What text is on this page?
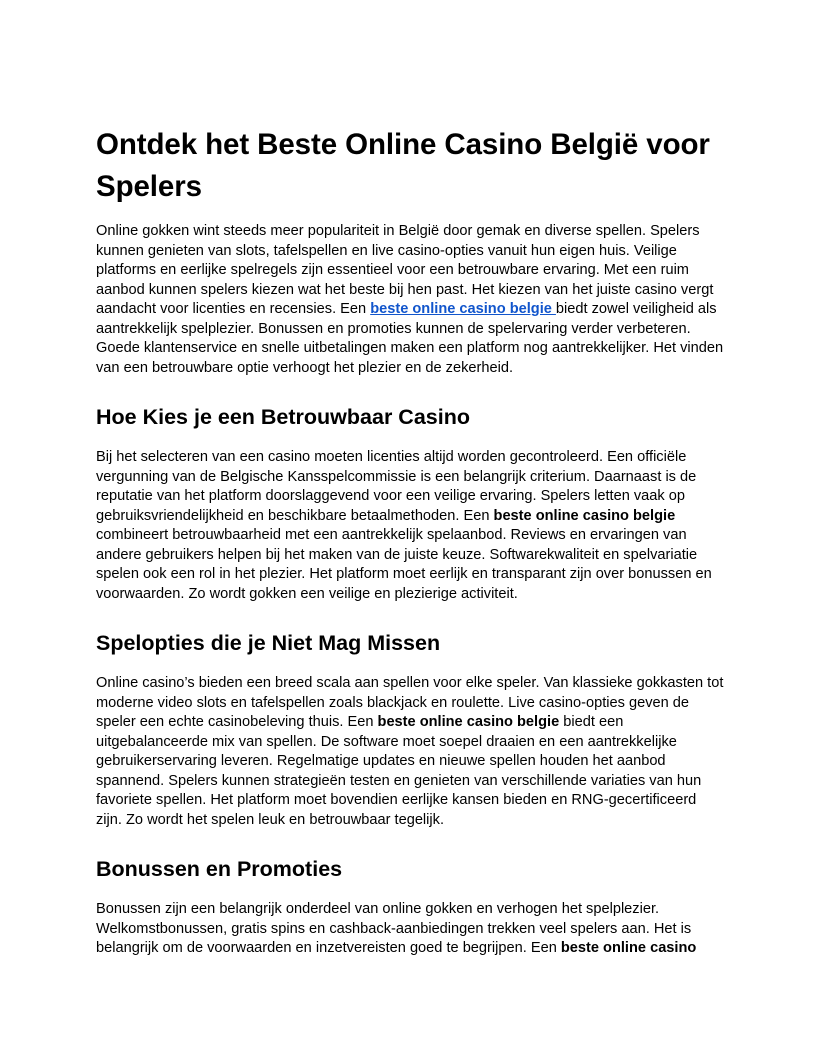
Ontdek het Beste Online Casino België voor Spelers

Online gokken wint steeds meer populariteit in België door gemak en diverse spellen. Spelers kunnen genieten van slots, tafelspellen en live casino-opties vanuit hun eigen huis. Veilige platforms en eerlijke spelregels zijn essentieel voor een betrouwbare ervaring. Met een ruim aanbod kunnen spelers kiezen wat het beste bij hen past. Het kiezen van het juiste casino vergt aandacht voor licenties en recensies. Een beste online casino belgie biedt zowel veiligheid als aantrekkelijk spelplezier. Bonussen en promoties kunnen de spelervaring verder verbeteren. Goede klantenservice en snelle uitbetalingen maken een platform nog aantrekkelijker. Het vinden van een betrouwbare optie verhoogt het plezier en de zekerheid.

Hoe Kies je een Betrouwbaar Casino

Bij het selecteren van een casino moeten licenties altijd worden gecontroleerd. Een officiële vergunning van de Belgische Kansspelcommissie is een belangrijk criterium. Daarnaast is de reputatie van het platform doorslaggevend voor een veilige ervaring. Spelers letten vaak op gebruiksvriendelijkheid en beschikbare betaalmethoden. Een beste online casino belgie combineert betrouwbaarheid met een aantrekkelijk spelaanbod. Reviews en ervaringen van andere gebruikers helpen bij het maken van de juiste keuze. Softwarekwaliteit en spelvariatie spelen ook een rol in het plezier. Het platform moet eerlijk en transparant zijn over bonussen en voorwaarden. Zo wordt gokken een veilige en plezierige activiteit.

Spelopties die je Niet Mag Missen

Online casino’s bieden een breed scala aan spellen voor elke speler. Van klassieke gokkasten tot moderne video slots en tafelspellen zoals blackjack en roulette. Live casino-opties geven de speler een echte casinobeleving thuis. Een beste online casino belgie biedt een uitgebalanceerde mix van spellen. De software moet soepel draaien en een aantrekkelijke gebruikerservaring leveren. Regelmatige updates en nieuwe spellen houden het aanbod spannend. Spelers kunnen strategieën testen en genieten van verschillende variaties van hun favoriete spellen. Het platform moet bovendien eerlijke kansen bieden en RNG-gecertificeerd zijn. Zo wordt het spelen leuk en betrouwbaar tegelijk.

Bonussen en Promoties

Bonussen zijn een belangrijk onderdeel van online gokken en verhogen het spelplezier. Welkomstbonussen, gratis spins en cashback-aanbiedingen trekken veel spelers aan. Het is belangrijk om de voorwaarden en inzetvereisten goed te begrijpen. Een beste online casino
